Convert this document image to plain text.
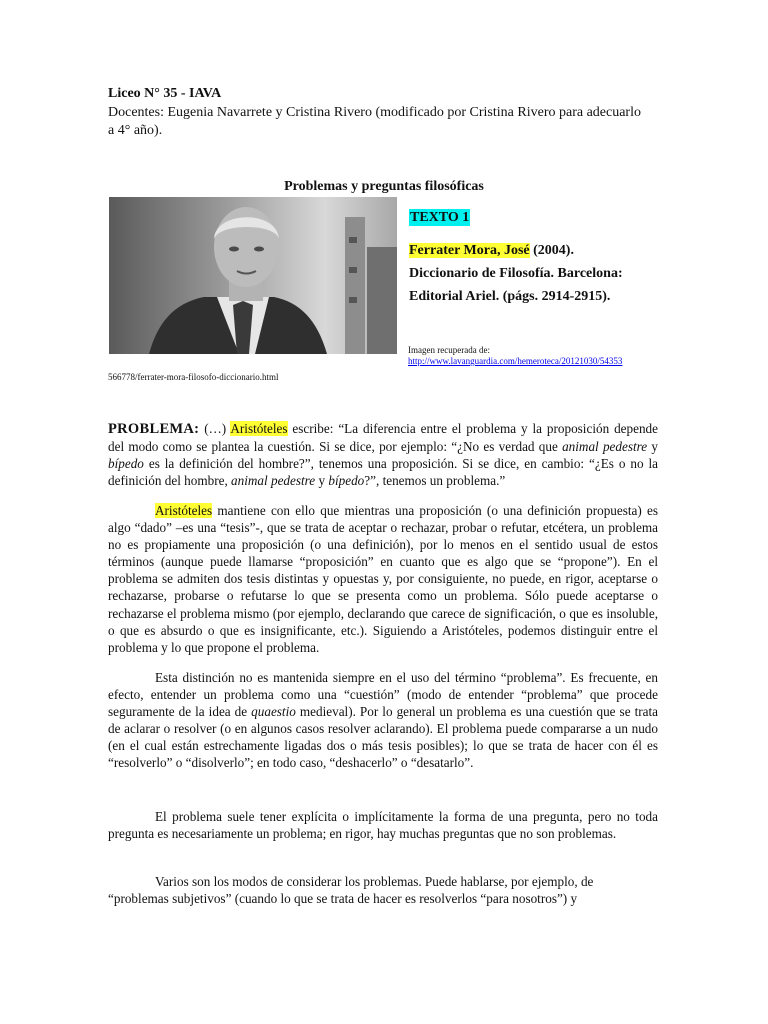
Liceo N° 35 - IAVA
Docentes: Eugenia Navarrete y Cristina Rivero (modificado por Cristina Rivero para adecuarlo
a 4° año).
Problemas y preguntas filosóficas
TEXTO 1
Ferrater Mora, José (2004).
Diccionario de Filosofía. Barcelona:
Editorial Ariel. (págs. 2914-2915).
Imagen recuperada de:
http://www.lavanguardia.com/hemeroteca/20121030/54353
566778/ferrater-mora-filosofo-diccionario.html
PROBLEMA: (…) Aristóteles escribe: “La diferencia entre el problema y la proposición depende del modo como se plantea la cuestión. Si se dice, por ejemplo: “¿No es verdad que animal pedestre y bípedo es la definición del hombre?”, tenemos una proposición. Si se dice, en cambio: “¿Es o no la definición del hombre, animal pedestre y bípedo?”, tenemos un problema.”
Aristóteles mantiene con ello que mientras una proposición (o una definición propuesta) es algo “dado” –es una “tesis”-, que se trata de aceptar o rechazar, probar o refutar, etcétera, un problema no es propiamente una proposición (o una definición), por lo menos en el sentido usual de estos términos (aunque puede llamarse “proposición” en cuanto que es algo que se “propone”). En el problema se admiten dos tesis distintas y opuestas y, por consiguiente, no puede, en rigor, aceptarse o rechazarse, probarse o refutarse lo que se presenta como un problema. Sólo puede aceptarse o rechazarse el problema mismo (por ejemplo, declarando que carece de significación, o que es insoluble, o que es absurdo o que es insignificante, etc.). Siguiendo a Aristóteles, podemos distinguir entre el problema y lo que propone el problema.
Esta distinción no es mantenida siempre en el uso del término “problema”. Es frecuente, en efecto, entender un problema como una “cuestión” (modo de entender “problema” que procede seguramente de la idea de quaestio medieval). Por lo general un problema es una cuestión que se trata de aclarar o resolver (o en algunos casos resolver aclarando). El problema puede compararse a un nudo (en el cual están estrechamente ligadas dos o más tesis posibles); lo que se trata de hacer con él es “resolverlo” o “disolverlo”; en todo caso, “deshacerlo” o “desatarlo”.
El problema suele tener explícita o implícitamente la forma de una pregunta, pero no toda pregunta es necesariamente un problema; en rigor, hay muchas preguntas que no son problemas.
Varios son los modos de considerar los problemas. Puede hablarse, por ejemplo, de
“problemas subjetivos” (cuando lo que se trata de hacer es resolverlos “para nosotros”) y
